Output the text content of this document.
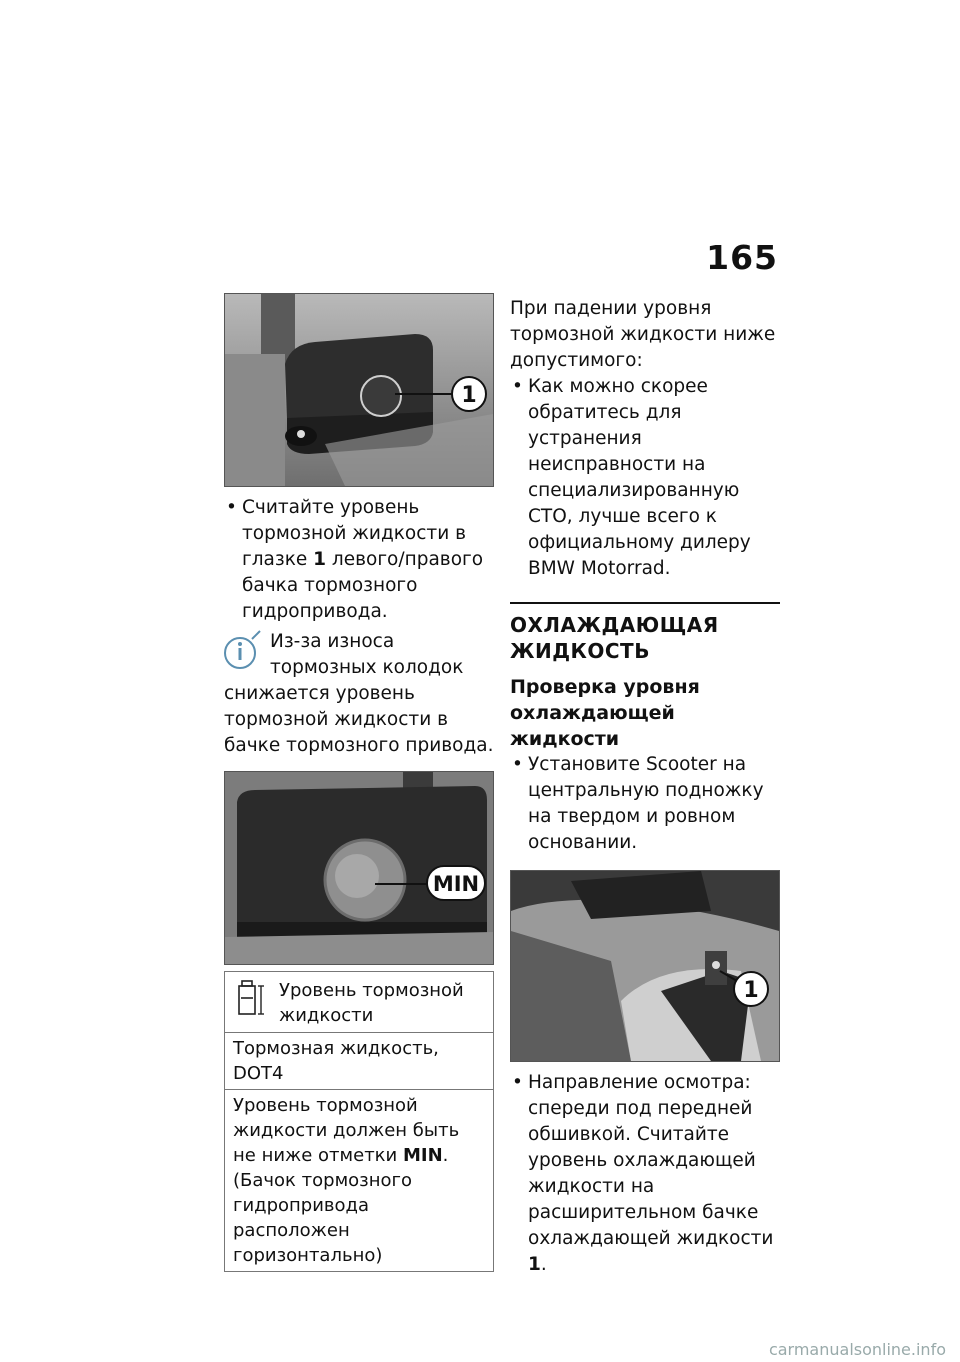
165
1
• Считайте уровень тормозной жидкости в глазке 1 левого/правого бачка тормозного гидропривода.
Из-за износа тормозных колодок снижается уровень тормозной жидкости в бачке тормозного привода.
MIN
Уровень тормозной жидкости
Тормозная жидкость, DOT4
Уровень тормозной жидкости должен быть не ниже отметки MIN. (Бачок тормозного гидропривода расположен горизонтально)
При падении уровня тормозной жидкости ниже допустимого:
• Как можно скорее обратитесь для устранения неисправности на специализированную СТО, лучше всего к официальному дилеру BMW Motorrad.
ОХЛАЖДАЮЩАЯ ЖИДКОСТЬ
Проверка уровня охлаждающей жидкости
• Установите Scooter на центральную подножку на твердом и ровном основании.
1
• Направление осмотра: спереди под передней обшивкой. Считайте уровень охлаждающей жидкости на расширительном бачке охлаждающей жидкости 1.
carmanualsonline.info
